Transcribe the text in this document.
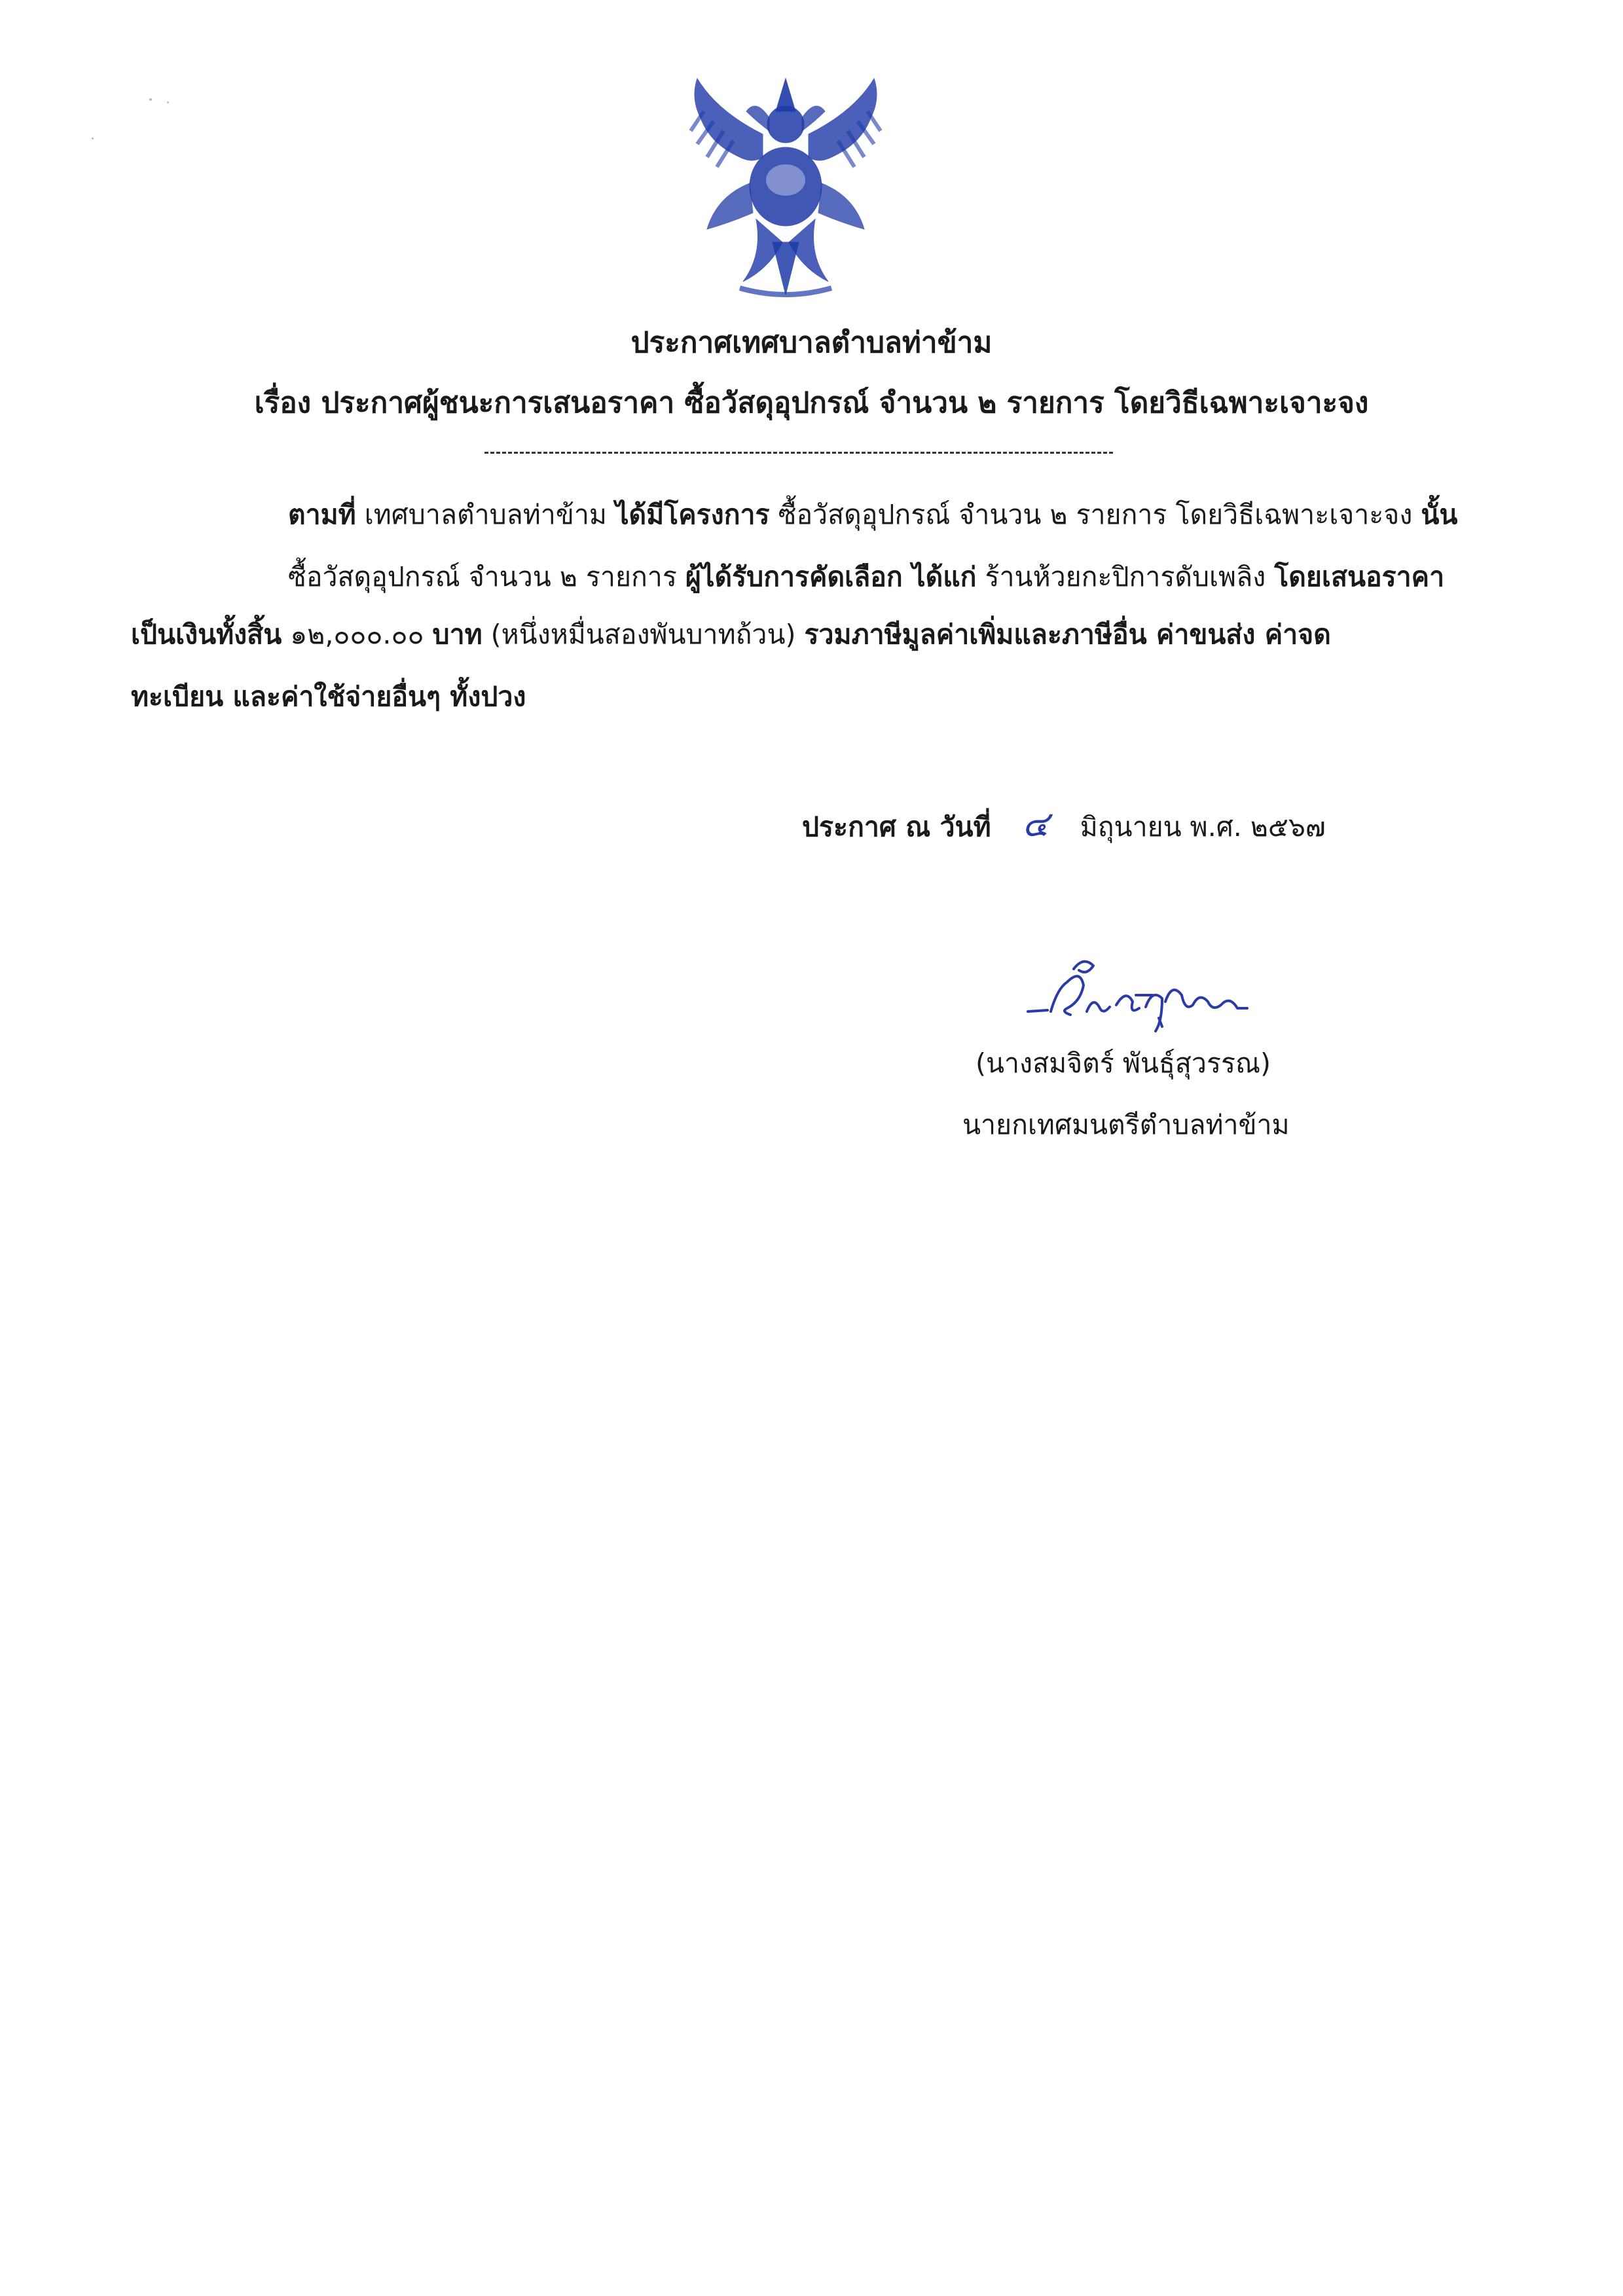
ประกาศเทศบาลตำบลท่าข้าม
เรื่อง ประกาศผู้ชนะการเสนอราคา ซื้อวัสดุอุปกรณ์ จำนวน ๒ รายการ โดยวิธีเฉพาะเจาะจง
ตามที่ เทศบาลตำบลท่าข้าม ได้มีโครงการ ซื้อวัสดุอุปกรณ์ จำนวน ๒ รายการ โดยวิธีเฉพาะเจาะจง นั้น
ซื้อวัสดุอุปกรณ์ จำนวน ๒ รายการ ผู้ได้รับการคัดเลือก ได้แก่ ร้านห้วยกะปิการดับเพลิง โดยเสนอราคา
เป็นเงินทั้งสิ้น ๑๒,๐๐๐.๐๐ บาท (หนึ่งหมื่นสองพันบาทถ้วน) รวมภาษีมูลค่าเพิ่มและภาษีอื่น ค่าขนส่ง ค่าจด
ทะเบียน และค่าใช้จ่ายอื่นๆ ทั้งปวง
ประกาศ ณ วันที่ ๔ มิถุนายน พ.ศ. ๒๕๖๗
(นางสมจิตร์ พันธุ์สุวรรณ)
นายกเทศมนตรีตำบลท่าข้าม
